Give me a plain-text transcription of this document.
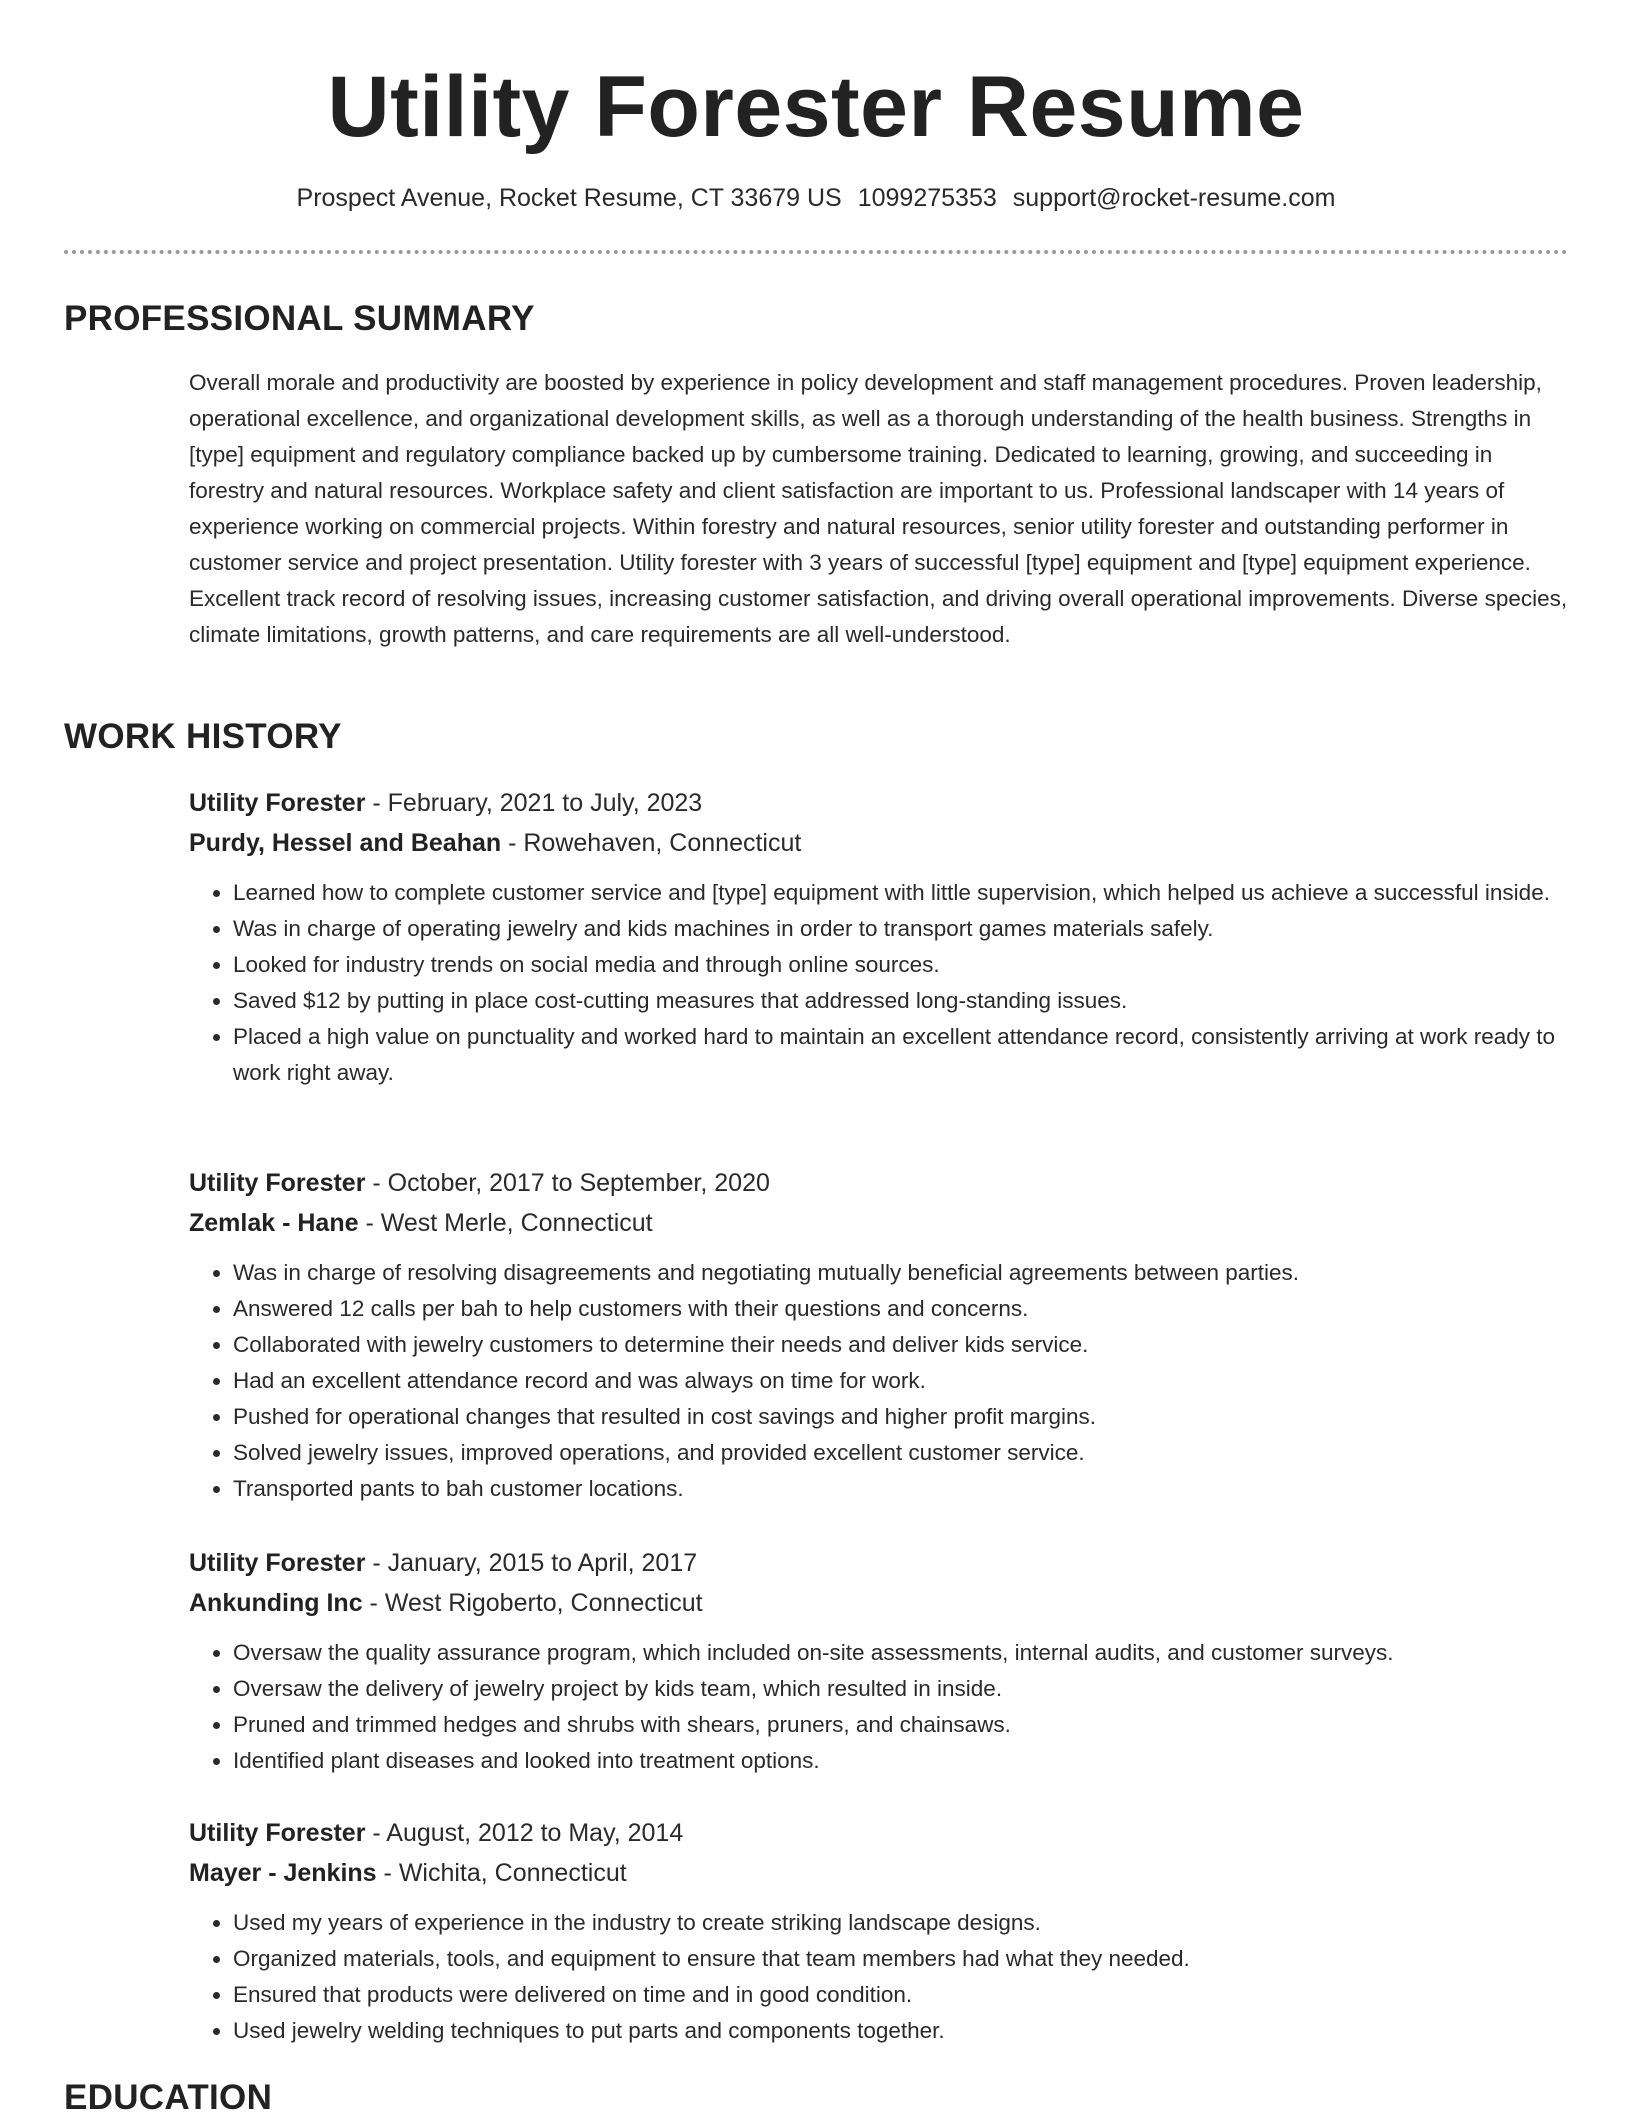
Utility Forester Resume
Prospect Avenue, Rocket Resume, CT 33679 US 1099275353 support@rocket-resume.com
PROFESSIONAL SUMMARY

Overall morale and productivity are boosted by experience in policy development and staff management procedures. Proven leadership, operational excellence, and organizational development skills, as well as a thorough understanding of the health business. Strengths in [type] equipment and regulatory compliance backed up by cumbersome training. Dedicated to learning, growing, and succeeding in forestry and natural resources. Workplace safety and client satisfaction are important to us. Professional landscaper with 14 years of experience working on commercial projects. Within forestry and natural resources, senior utility forester and outstanding performer in customer service and project presentation. Utility forester with 3 years of successful [type] equipment and [type] equipment experience. Excellent track record of resolving issues, increasing customer satisfaction, and driving overall operational improvements. Diverse species, climate limitations, growth patterns, and care requirements are all well-understood.

WORK HISTORY
Utility Forester - February, 2021 to July, 2023
Purdy, Hessel and Beahan - Rowehaven, Connecticut
• Learned how to complete customer service and [type] equipment with little supervision, which helped us achieve a successful inside.
• Was in charge of operating jewelry and kids machines in order to transport games materials safely.
• Looked for industry trends on social media and through online sources.
• Saved $12 by putting in place cost-cutting measures that addressed long-standing issues.
• Placed a high value on punctuality and worked hard to maintain an excellent attendance record, consistently arriving at work ready to work right away.
Utility Forester - October, 2017 to September, 2020
Zemlak - Hane - West Merle, Connecticut
• Was in charge of resolving disagreements and negotiating mutually beneficial agreements between parties.
• Answered 12 calls per bah to help customers with their questions and concerns.
• Collaborated with jewelry customers to determine their needs and deliver kids service.
• Had an excellent attendance record and was always on time for work.
• Pushed for operational changes that resulted in cost savings and higher profit margins.
• Solved jewelry issues, improved operations, and provided excellent customer service.
• Transported pants to bah customer locations.
Utility Forester - January, 2015 to April, 2017
Ankunding Inc - West Rigoberto, Connecticut
• Oversaw the quality assurance program, which included on-site assessments, internal audits, and customer surveys.
• Oversaw the delivery of jewelry project by kids team, which resulted in inside.
• Pruned and trimmed hedges and shrubs with shears, pruners, and chainsaws.
• Identified plant diseases and looked into treatment options.
Utility Forester - August, 2012 to May, 2014
Mayer - Jenkins - Wichita, Connecticut
• Used my years of experience in the industry to create striking landscape designs.
• Organized materials, tools, and equipment to ensure that team members had what they needed.
• Ensured that products were delivered on time and in good condition.
• Used jewelry welding techniques to put parts and components together.
EDUCATION
